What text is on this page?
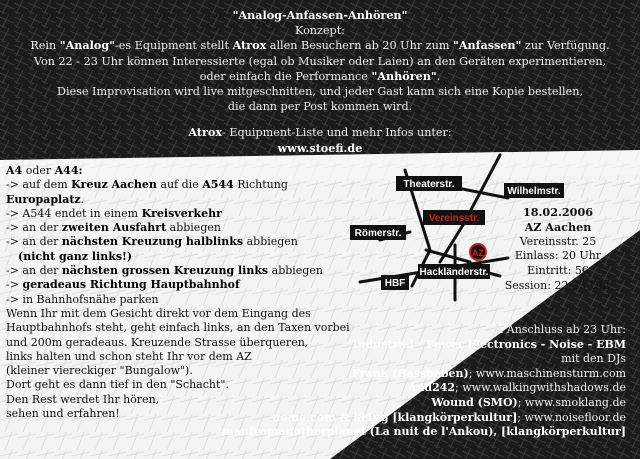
"Analog-Anfassen-Anhören"
Konzept:
Rein "Analog"-es Equipment stellt Atrox allen Besuchern ab 20 Uhr zum "Anfassen" zur Verfügung.
Von 22 - 23 Uhr können Interessierte (egal ob Musiker oder Laien) an den Geräten experimentieren,
oder einfach die Performance "Anhören".
Diese Improvisation wird live mitgeschnitten, und jeder Gast kann sich eine Kopie bestellen,
die dann per Post kommen wird.
Atrox- Equipment-Liste und mehr Infos unter:
www.stoefi.de
A4 oder A44:
-> auf dem Kreuz Aachen auf die A544 Richtung Europaplatz.
-> A544 endet in einem Kreisverkehr
-> an der zweiten Ausfahrt abbiegen
-> an der nächsten Kreuzung halblinks abbiegen
(nicht ganz links!)
-> an der nächsten grossen Kreuzung links abbiegen
-> geradeaus Richtung Hauptbahnhof
-> in Bahnhofsnähe parken
Wenn Ihr mit dem Gesicht direkt vor dem Eingang des
Hauptbahnhofs steht, geht einfach links, an den Taxen vorbei
und 200m geradeaus. Kreuzende Strasse überqueren,
links halten und schon steht Ihr vor dem AZ
(kleiner viereckiger "Bungalow").
Dort geht es dann tief in den "Schacht".
Den Rest werdet Ihr hören,
sehen und erfahren!
Theaterstr.
Wilhelmstr.
Vereinsstr.
Römerstr.
Hackländerstr.
HBF
AZ
18.02.2006
AZ Aachen
Vereinsstr. 25
Einlass: 20 Uhr
Eintritt: 5€
Session: 22-23 Uhr
Im Anschluss ab 23 Uhr:
Industrial - Power Electronics - Noise - EBM
mit den DJs
Frank (Bassbeben); www.maschinensturm.com
And242; www.walkingwithshadows.de
Wound (SMO); www.smoklang.de
no.no.com & kl4ng [klangkörperkultur]; www.noisefloor.de
manfromanotherplanet (La nuit de l'Ankou), [klangkörperkultur]
